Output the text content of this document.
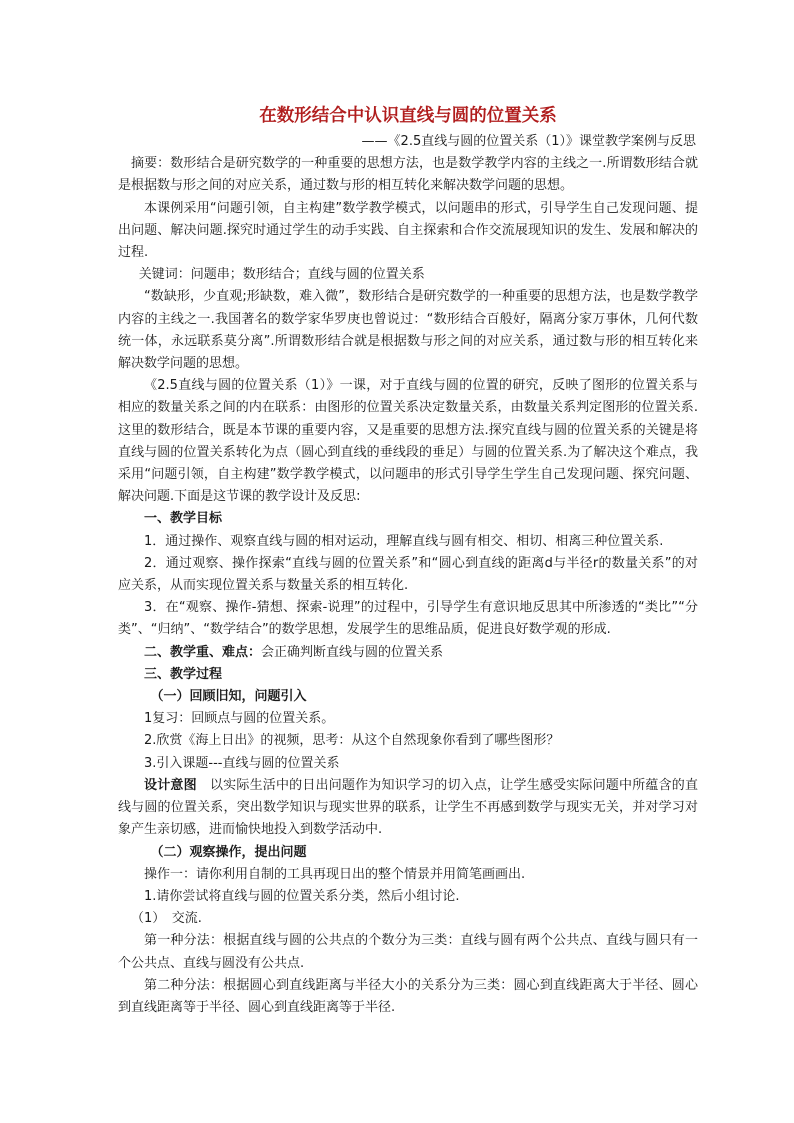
在数形结合中认识直线与圆的位置关系

——《2.5直线与圆的位置关系（1）》课堂教学案例与反思

摘要：数形结合是研究数学的一种重要的思想方法，也是数学教学内容的主线之一.所谓数形结合就是根据数与形之间的对应关系，通过数与形的相互转化来解决数学问题的思想。

本课例采用“问题引领，自主构建”数学教学模式，以问题串的形式，引导学生自己发现问题、提出问题、解决问题.探究时通过学生的动手实践、自主探索和合作交流展现知识的发生、发展和解决的过程.

关键词：问题串；数形结合；直线与圆的位置关系

“数缺形，少直观;形缺数，难入微”，数形结合是研究数学的一种重要的思想方法，也是数学教学内容的主线之一.我国著名的数学家华罗庚也曾说过：“数形结合百般好，隔离分家万事休，几何代数统一体，永远联系莫分离”.所谓数形结合就是根据数与形之间的对应关系，通过数与形的相互转化来解决数学问题的思想。

《2.5直线与圆的位置关系（1）》一课，对于直线与圆的位置的研究，反映了图形的位置关系与相应的数量关系之间的内在联系：由图形的位置关系决定数量关系，由数量关系判定图形的位置关系.这里的数形结合，既是本节课的重要内容，又是重要的思想方法.探究直线与圆的位置关系的关键是将直线与圆的位置关系转化为点（圆心到直线的垂线段的垂足）与圆的位置关系.为了解决这个难点，我采用“问题引领，自主构建”数学教学模式，以问题串的形式引导学生学生自己发现问题、探究问题、解决问题.下面是这节课的教学设计及反思:

一、教学目标

1．通过操作、观察直线与圆的相对运动，理解直线与圆有相交、相切、相离三种位置关系.

2．通过观察、操作探索“直线与圆的位置关系”和“圆心到直线的距离d与半径r的数量关系”的对应关系，从而实现位置关系与数量关系的相互转化.

3．在“观察、操作-猜想、探索-说理”的过程中，引导学生有意识地反思其中所渗透的“类比”“分类”、“归纳”、“数学结合”的数学思想，发展学生的思维品质，促进良好数学观的形成.

二、教学重、难点：会正确判断直线与圆的位置关系

三、教学过程

（一）回顾旧知，问题引入

1复习：回顾点与圆的位置关系。

2.欣赏《海上日出》的视频，思考：从这个自然现象你看到了哪些图形？

3.引入课题---直线与圆的位置关系

设计意图　 以实际生活中的日出问题作为知识学习的切入点，让学生感受实际问题中所蕴含的直线与圆的位置关系，突出数学知识与现实世界的联系，让学生不再感到数学与现实无关，并对学习对象产生亲切感，进而愉快地投入到数学活动中.

（二）观察操作，提出问题

操作一：请你利用自制的工具再现日出的整个情景并用简笔画画出.

1.请你尝试将直线与圆的位置关系分类，然后小组讨论.

（1）　交流.

第一种分法：根据直线与圆的公共点的个数分为三类：直线与圆有两个公共点、直线与圆只有一个公共点、直线与圆没有公共点.

第二种分法：根据圆心到直线距离与半径大小的关系分为三类：圆心到直线距离大于半径、圆心到直线距离等于半径、圆心到直线距离等于半径.
